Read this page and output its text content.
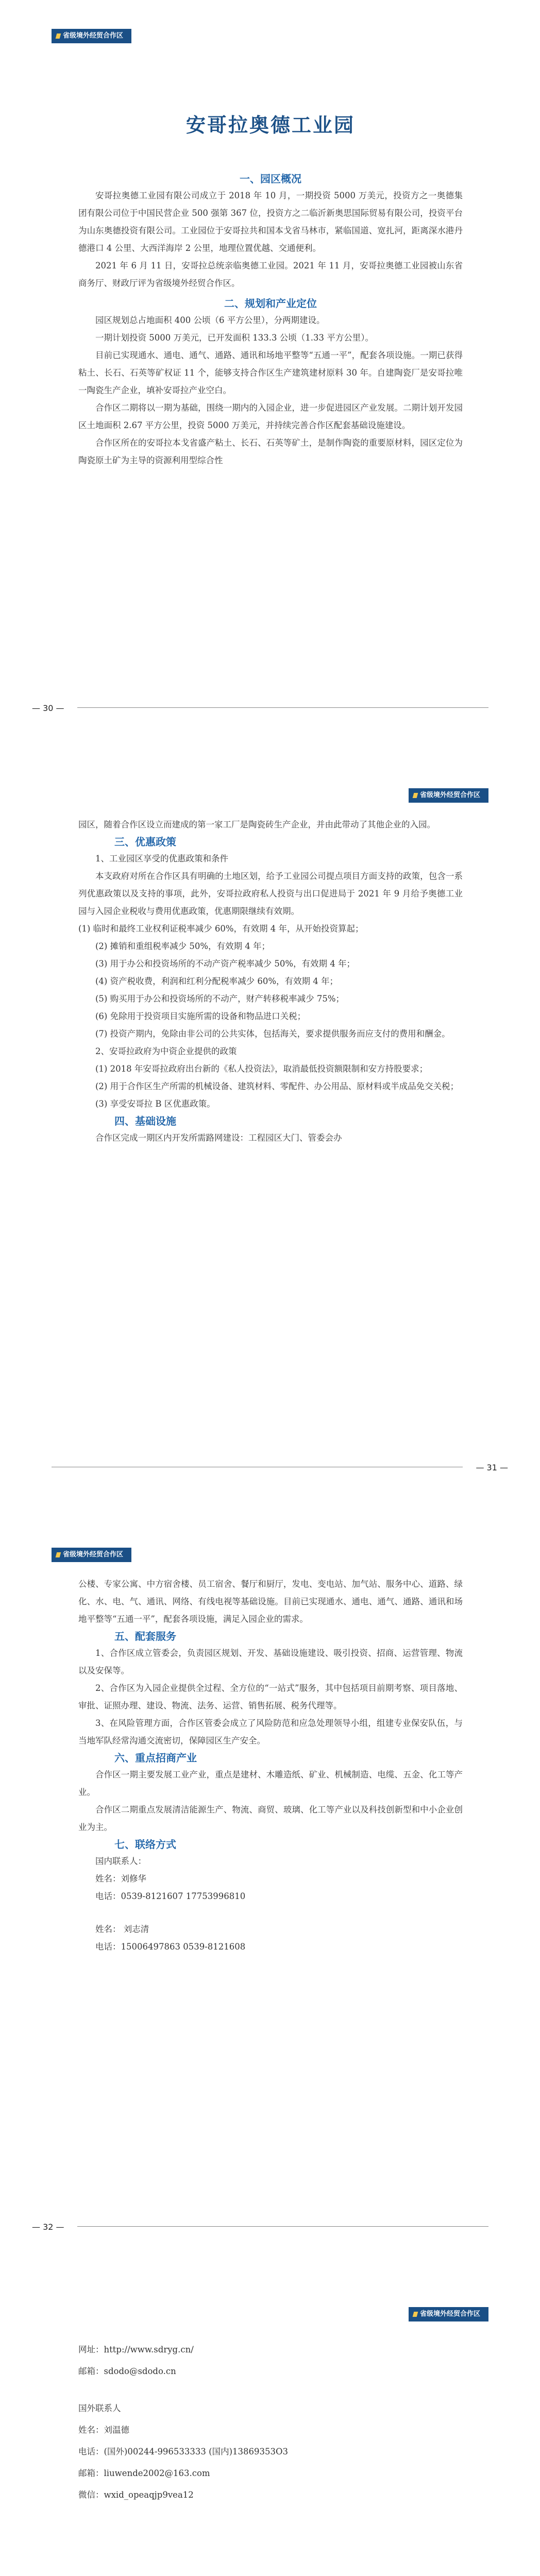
省级境外经贸合作区
安哥拉奥德工业园
一、园区概况

安哥拉奥德工业园有限公司成立于 2018 年 10 月，一期投资 5000 万美元，投资方之一奥德集团有限公司位于中国民营企业 500 强第 367 位，投资方之二临沂新奥思国际贸易有限公司，投资平台为山东奥德投资有限公司。工业园位于安哥拉共和国本戈省马林市，紧临国道、宽扎河，距离深水港丹德港口 4 公里、大西洋海岸 2 公里，地理位置优越、交通便利。

2021 年 6 月 11 日，安哥拉总统亲临奥德工业园。2021 年 11 月，安哥拉奥德工业园被山东省商务厅、财政厅评为省级境外经贸合作区。

二、规划和产业定位

园区规划总占地面积 400 公顷（6 平方公里），分两期建设。

一期计划投资 5000 万美元，已开发面积 133.3 公顷（1.33 平方公里）。

目前已实现通水、通电、通气、通路、通讯和场地平整等“五通一平”，配套各项设施。一期已获得粘土、长石、石英等矿权证 11 个，能够支持合作区生产建筑建材原料 30 年。自建陶瓷厂是安哥拉唯一陶瓷生产企业，填补安哥拉产业空白。

合作区二期将以一期为基础，围绕一期内的入园企业，进一步促进园区产业发展。二期计划开发园区土地面积 2.67 平方公里，投资 5000 万美元，并持续完善合作区配套基础设施建设。

合作区所在的安哥拉本戈省盛产粘土、长石、石英等矿土，是制作陶瓷的重要原材料，园区定位为陶瓷原土矿为主导的资源利用型综合性

— 30 —
省级境外经贸合作区

园区，随着合作区设立而建成的第一家工厂是陶瓷砖生产企业，并由此带动了其他企业的入园。

三、优惠政策

1、工业园区享受的优惠政策和条件

本支政府对所在合作区具有明确的土地区划，给予工业园公司提点项目方面支持的政策，包含一系列优惠政策以及支持的事项，此外，安哥拉政府私人投资与出口促进局于 2021 年 9 月给予奥德工业园与入园企业税收与费用优惠政策，优惠期限继续有效期。

(1) 临时和最终工业权利证税率减少 60%，有效期 4 年，从开始投资算起；

(2) 摊销和重组税率减少 50%，有效期 4 年；

(3) 用于办公和投资场所的不动产资产税率减少 50%，有效期 4 年；

(4) 资产税收费，利润和红利分配税率减少 60%，有效期 4 年；

(5) 购买用于办公和投资场所的不动产，财产转移税率减少 75%；

(6) 免除用于投资项目实施所需的设备和物品进口关税；

(7) 投资产期内，免除由非公司的公共实体，包括海关，要求提供服务而应支付的费用和酬金。

2、安哥拉政府为中资企业提供的政策

(1) 2018 年安哥拉政府出台新的《私人投资法》，取消最低投资额限制和安方持股要求；

(2) 用于合作区生产所需的机械设备、建筑材料、零配件、办公用品、原材料或半成品免交关税；

(3) 享受安哥拉 B 区优惠政策。

四、基础设施

合作区完成一期区内开发所需路网建设：工程园区大门、管委会办

— 31 —
省级境外经贸合作区

公楼、专家公寓、中方宿舍楼、员工宿舍、餐厅和厨厅，发电、变电站、加气站、服务中心、道路、绿化、水、电、气、通讯、网络、有线电视等基础设施。目前已实现通水、通电、通气、通路、通讯和场地平整等“五通一平”，配套各项设施，满足入园企业的需求。

五、配套服务

1、合作区成立管委会，负责园区规划、开发、基础设施建设、吸引投资、招商、运营管理、物流以及安保等。

2、合作区为入园企业提供全过程、全方位的“一站式”服务，其中包括项目前期考察、项目落地、审批、证照办理、建设、物流、法务、运营、销售拓展、税务代理等。

3、在风险管理方面，合作区管委会成立了风险防范和应急处理领导小组，组建专业保安队伍，与当地军队经常沟通交流密切，保障园区生产安全。

六、重点招商产业

合作区一期主要发展工业产业，重点是建材、木雕造纸、矿业、机械制造、电缆、五金、化工等产业。

合作区二期重点发展清洁能源生产、物流、商贸、玻璃、化工等产业以及科技创新型和中小企业创业为主。

七、联络方式

国内联系人：

姓名：刘修华

电话：0539-8121607 17753996810

姓名： 刘志清

电话：15006497863 0539-8121608

— 32 —
省级境外经贸合作区
网址：http://www.sdryg.cn/
邮箱：sdodo@sdodo.cn
国外联系人
姓名：刘温德
电话：(国外)00244-996533333 (国内)13869353O3
邮箱：liuwende2002@163.com
微信：wxid_opeaqjp9vea12
